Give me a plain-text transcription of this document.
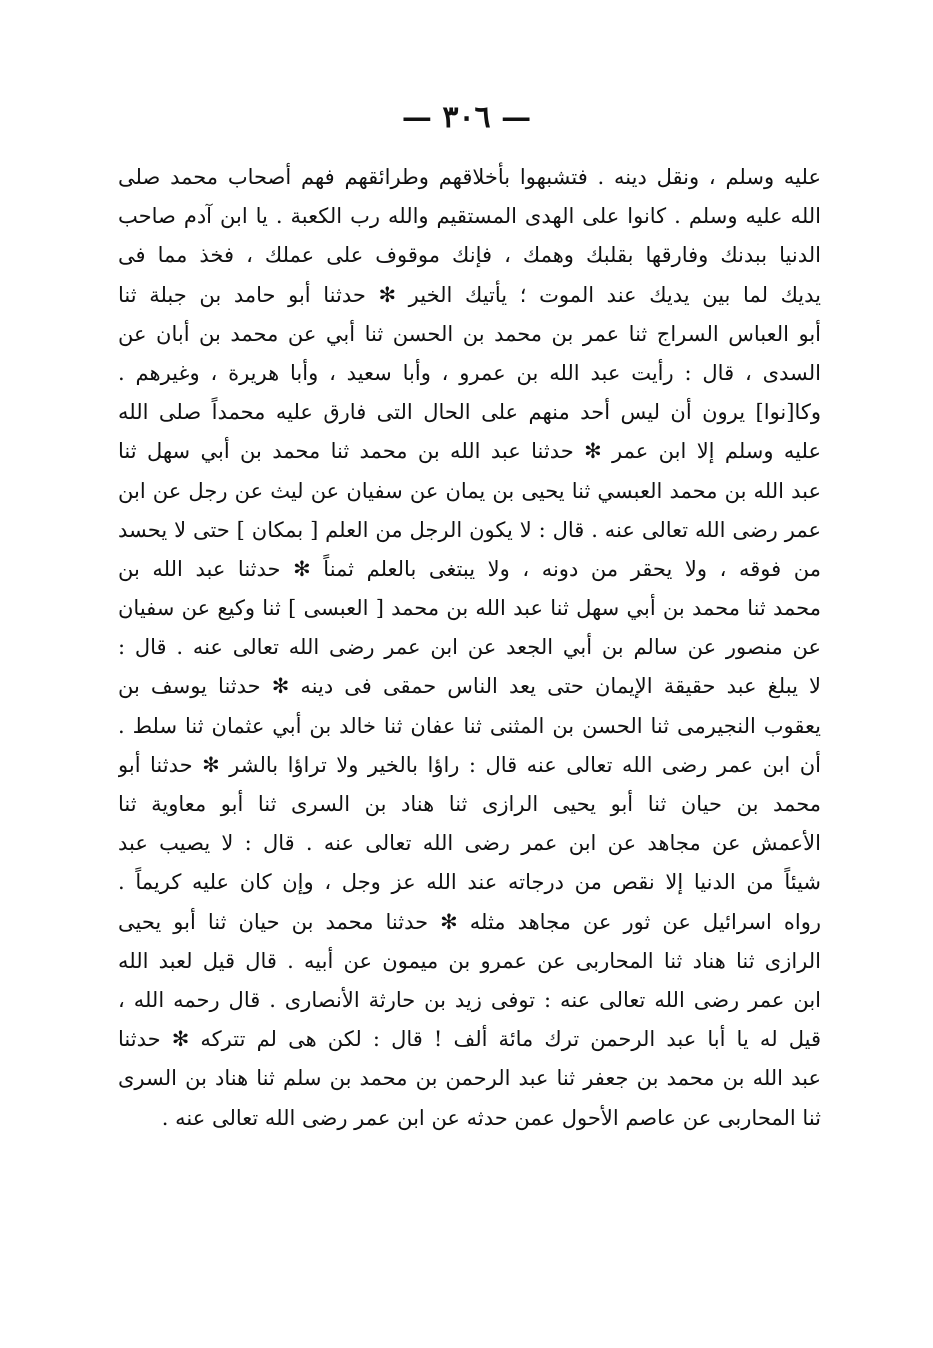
— ٣٠٦ —
عليه وسلم ، ونقل دينه . فتشبهوا بأخلاقهم وطرائقهم فهم أصحاب محمد صلى
الله عليه وسلم . كانوا على الهدى المستقيم والله رب الكعبة . يا ابن آدم صاحب
الدنيا ببدنك وفارقها بقلبك وهمك ، فإنك موقوف على عملك ، فخذ مما فى
يديك لما بين يديك عند الموت ؛ يأتيك الخير ✻ حدثنا أبو حامد بن جبلة ثنا
أبو العباس السراج ثنا عمر بن محمد بن الحسن ثنا أبي عن محمد بن أبان عن
السدى ، قال : رأيت عبد الله بن عمرو ، وأبا سعيد ، وأبا هريرة ، وغيرهم .
وكا[نوا] يرون أن ليس أحد منهم على الحال التى فارق عليه محمداً صلى الله
عليه وسلم إلا ابن عمر ✻ حدثنا عبد الله بن محمد ثنا محمد بن أبي سهل ثنا
عبد الله بن محمد العبسي ثنا يحيى بن يمان عن سفيان عن ليث عن رجل عن ابن
عمر رضى الله تعالى عنه . قال : لا يكون الرجل من العلم [ بمكان ] حتى لا يحسد
من فوقه ، ولا يحقر من دونه ، ولا يبتغى بالعلم ثمناً ✻ حدثنا عبد الله بن
محمد ثنا محمد بن أبي سهل ثنا عبد الله بن محمد [ العبسى ] ثنا وكيع عن سفيان
عن منصور عن سالم بن أبي الجعد عن ابن عمر رضى الله تعالى عنه . قال :
لا يبلغ عبد حقيقة الإيمان حتى يعد الناس حمقى فى دينه ✻ حدثنا يوسف بن
يعقوب النجيرمى ثنا الحسن بن المثنى ثنا عفان ثنا خالد بن أبي عثمان ثنا سلط .
أن ابن عمر رضى الله تعالى عنه قال : راؤا بالخير ولا تراؤا بالشر ✻ حدثنا أبو
محمد بن حيان ثنا أبو يحيى الرازى ثنا هناد بن السرى ثنا أبو معاوية ثنا
الأعمش عن مجاهد عن ابن عمر رضى الله تعالى عنه . قال : لا يصيب عبد
شيئاً من الدنيا إلا نقص من درجاته عند الله عز وجل ، وإن كان عليه كريماً .
رواه اسرائيل عن ثور عن مجاهد مثله ✻ حدثنا محمد بن حيان ثنا أبو يحيى
الرازى ثنا هناد ثنا المحاربى عن عمرو بن ميمون عن أبيه . قال قيل لعبد الله
ابن عمر رضى الله تعالى عنه : توفى زيد بن حارثة الأنصارى . قال رحمه الله ،
قيل له يا أبا عبد الرحمن ترك مائة ألف ! قال : لكن هى لم تتركه ✻ حدثنا
عبد الله بن محمد بن جعفر ثنا عبد الرحمن بن محمد بن سلم ثنا هناد بن السرى
ثنا المحاربى عن عاصم الأحول عمن حدثه عن ابن عمر رضى الله تعالى عنه .
